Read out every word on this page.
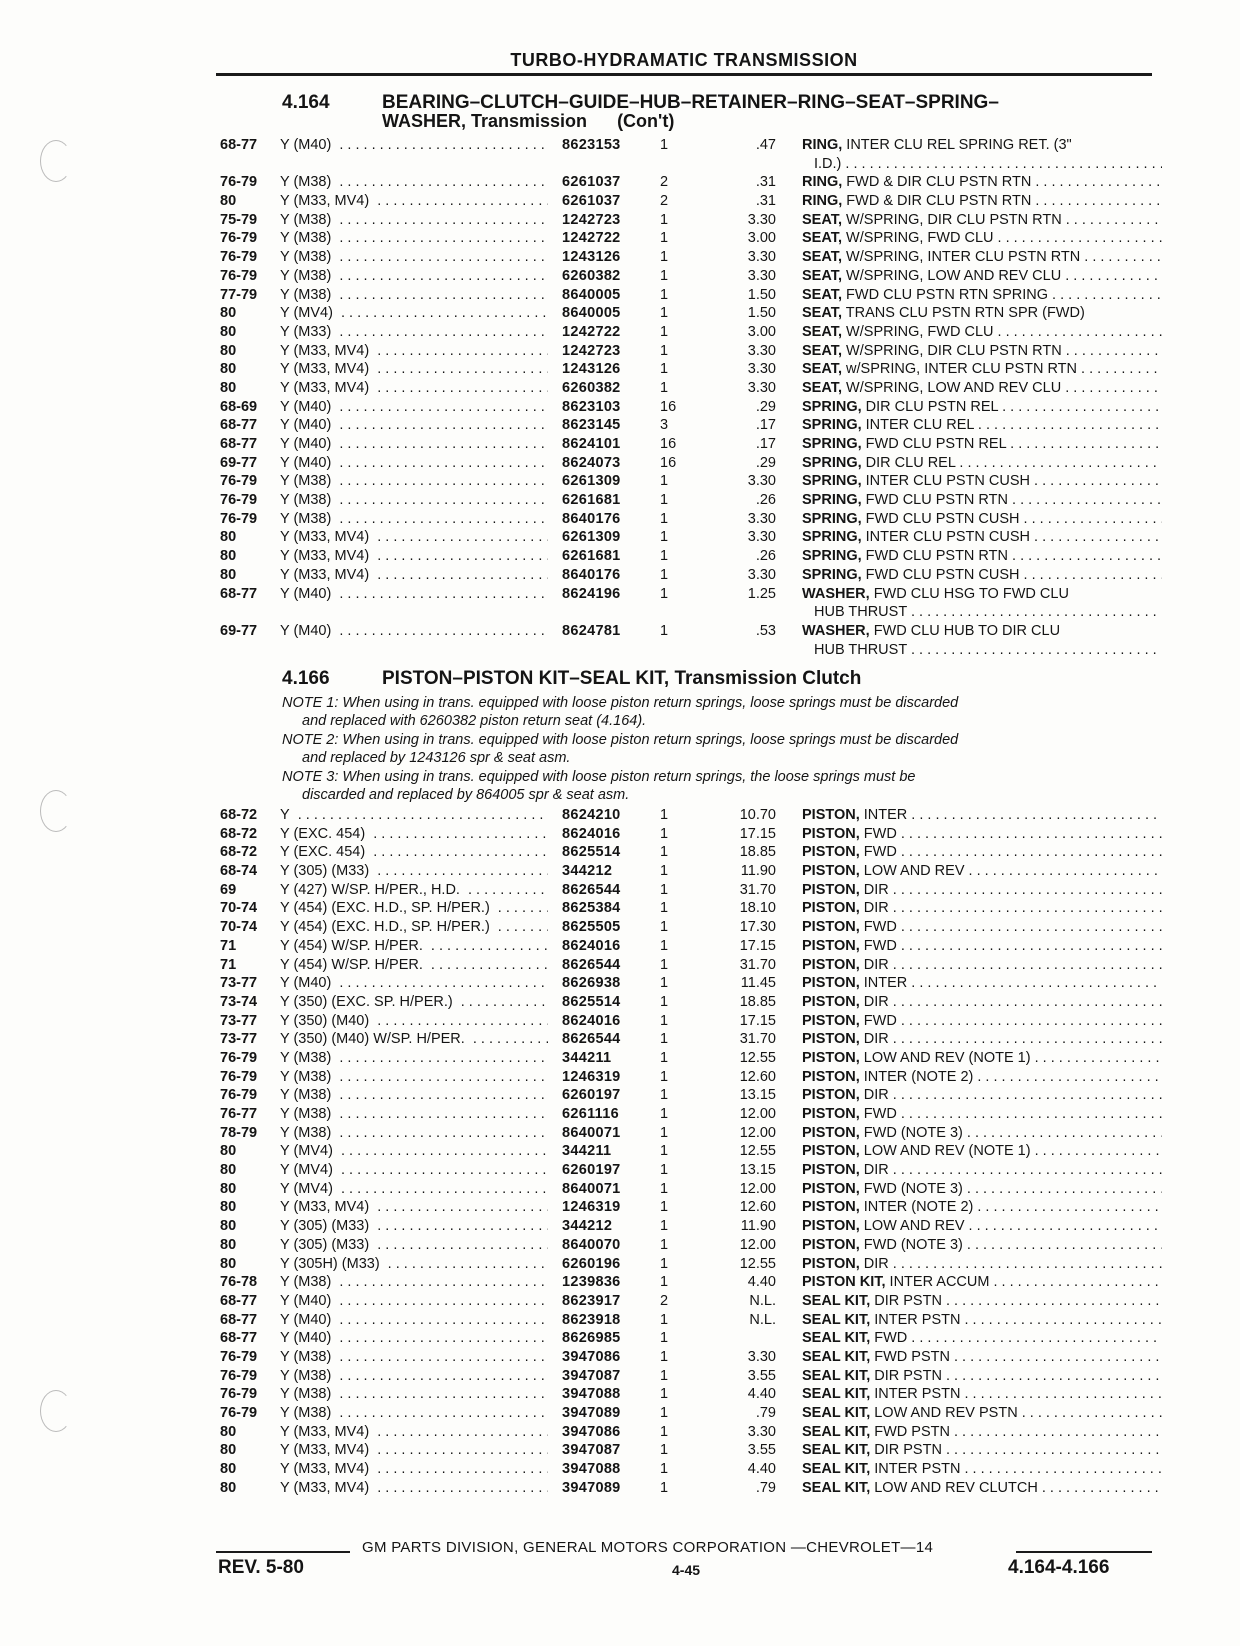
TURBO-HYDRAMATIC TRANSMISSION
4.164	BEARING–CLUTCH–GUIDE–HUB–RETAINER–RING–SEAT–SPRING–
WASHER, Transmission (Con't)
68-77 Y (M40) . . .	8623153	1	.47 RING, INTER CLU REL SPRING RET. (3"
I.D.) . . .
76-79 Y (M38) . . .	6261037	2	.31 RING, FWD & DIR CLU PSTN RTN . . .
80	Y (M33, MV4) . . .	6261037	2	.31 RING, FWD & DIR CLU PSTN RTN . . .
75-79 Y (M38) . . .	1242723	1	3.30 SEAT, W/SPRING, DIR CLU PSTN RTN . . .
76-79 Y (M38) . . .	1242722	1	3.00 SEAT, W/SPRING, FWD CLU . . .
76-79 Y (M38) . . .	1243126	1	3.30 SEAT, W/SPRING, INTER CLU PSTN RTN . . .
76-79 Y (M38) . . .	6260382	1	3.30 SEAT, W/SPRING, LOW AND REV CLU . . .
77-79 Y (M38) . . .	8640005	1	1.50 SEAT, FWD CLU PSTN RTN SPRING . . .
80	Y (MV4) . . .	8640005	1	1.50 SEAT, TRANS CLU PSTN RTN SPR (FWD)
80	Y (M33) . . .	1242722	1	3.00 SEAT, W/SPRING, FWD CLU . . .
80	Y (M33, MV4) . . .	1242723	1	3.30 SEAT, W/SPRING, DIR CLU PSTN RTN . . .
80	Y (M33, MV4) . . .	1243126	1	3.30 SEAT, w/SPRING, INTER CLU PSTN RTN . . .
80	Y (M33, MV4) . . .	6260382	1	3.30 SEAT, W/SPRING, LOW AND REV CLU . . .
68-69 Y (M40) . . .	8623103	16	.29 SPRING, DIR CLU PSTN REL . . .
68-77 Y (M40) . . .	8623145	3	.17 SPRING, INTER CLU REL . . .
68-77 Y (M40) . . .	8624101	16	.17 SPRING, FWD CLU PSTN REL . . .
69-77 Y (M40) . . .	8624073	16	.29 SPRING, DIR CLU REL . . .
76-79 Y (M38) . . .	6261309	1	3.30 SPRING, INTER CLU PSTN CUSH . . .
76-79 Y (M38) . . .	6261681	1	.26 SPRING, FWD CLU PSTN RTN . . .
76-79 Y (M38) . . .	8640176	1	3.30 SPRING, FWD CLU PSTN CUSH . . .
80	Y (M33, MV4) . . .	6261309	1	3.30 SPRING, INTER CLU PSTN CUSH . . .
80	Y (M33, MV4) . . .	6261681	1	.26 SPRING, FWD CLU PSTN RTN . . .
80	Y (M33, MV4) . . .	8640176	1	3.30 SPRING, FWD CLU PSTN CUSH . . .
68-77 Y (M40) . . .	8624196	1	1.25 WASHER, FWD CLU HSG TO FWD CLU
HUB THRUST . . .
69-77 Y (M40) . . .	8624781	1	.53 WASHER, FWD CLU HUB TO DIR CLU
HUB THRUST . . .
4.166	PISTON–PISTON KIT–SEAL KIT, Transmission Clutch
NOTE 1: When using in trans. equipped with loose piston return springs, loose springs must be discarded
and replaced with 6260382 piston return seat (4.164).
NOTE 2: When using in trans. equipped with loose piston return springs, loose springs must be discarded
and replaced by 1243126 spr & seat asm.
NOTE 3: When using in trans. equipped with loose piston return springs, the loose springs must be
discarded and replaced by 864005 spr & seat asm.
68-72 Y . . .	8624210	1	10.70 PISTON, INTER . . .
68-72 Y (EXC. 454) . . .	8624016	1	17.15 PISTON, FWD . . .
68-72 Y (EXC. 454) . . .	8625514	1	18.85 PISTON, FWD . . .
68-74 Y (305) (M33) . . .	344212	1	11.90 PISTON, LOW AND REV . . .
69	Y (427) W/SP. H/PER., H.D. . . .	8626544	1	31.70 PISTON, DIR . . .
70-74 Y (454) (EXC. H.D., SP. H/PER.) . . .	8625384	1	18.10 PISTON, DIR . . .
70-74 Y (454) (EXC. H.D., SP. H/PER.) . . .	8625505	1	17.30 PISTON, FWD . . .
71	Y (454) W/SP. H/PER. . . .	8624016	1	17.15 PISTON, FWD . . .
71	Y (454) W/SP. H/PER. . . .	8626544	1	31.70 PISTON, DIR . . .
73-77 Y (M40) . . .	8626938	1	11.45 PISTON, INTER . . .
73-74 Y (350) (EXC. SP. H/PER.) . . .	8625514	1	18.85 PISTON, DIR . . .
73-77 Y (350) (M40) . . .	8624016	1	17.15 PISTON, FWD . . .
73-77 Y (350) (M40) W/SP. H/PER. . . .	8626544	1	31.70 PISTON, DIR . . .
76-79 Y (M38) . . .	344211	1	12.55 PISTON, LOW AND REV (NOTE 1) . . .
76-79 Y (M38) . . .	1246319	1	12.60 PISTON, INTER (NOTE 2) . . .
76-79 Y (M38) . . .	6260197	1	13.15 PISTON, DIR . . .
76-77 Y (M38) . . .	6261116	1	12.00 PISTON, FWD . . .
78-79 Y (M38) . . .	8640071	1	12.00 PISTON, FWD (NOTE 3) . . .
80	Y (MV4) . . .	344211	1	12.55 PISTON, LOW AND REV (NOTE 1) . . .
80	Y (MV4) . . .	6260197	1	13.15 PISTON, DIR . . .
80	Y (MV4) . . .	8640071	1	12.00 PISTON, FWD (NOTE 3) . . .
80	Y (M33, MV4) . . .	1246319	1	12.60 PISTON, INTER (NOTE 2) . . .
80	Y (305) (M33) . . .	344212	1	11.90 PISTON, LOW AND REV . . .
80	Y (305) (M33) . . .	8640070	1	12.00 PISTON, FWD (NOTE 3) . . .
80	Y (305H) (M33) . . .	6260196	1	12.55 PISTON, DIR . . .
76-78 Y (M38) . . .	1239836	1	4.40 PISTON KIT, INTER ACCUM . . .
68-77 Y (M40) . . .	8623917	2	N.L. SEAL KIT, DIR PSTN . . .
68-77 Y (M40) . . .	8623918	1	N.L. SEAL KIT, INTER PSTN . . .
68-77 Y (M40) . . .	8626985	1	SEAL KIT, FWD . . .
76-79 Y (M38) . . .	3947086	1	3.30 SEAL KIT, FWD PSTN . . .
76-79 Y (M38) . . .	3947087	1	3.55 SEAL KIT, DIR PSTN . . .
76-79 Y (M38) . . .	3947088	1	4.40 SEAL KIT, INTER PSTN . . .
76-79 Y (M38) . . .	3947089	1	.79 SEAL KIT, LOW AND REV PSTN . . .
80	Y (M33, MV4) . . .	3947086	1	3.30 SEAL KIT, FWD PSTN . . .
80	Y (M33, MV4) . . .	3947087	1	3.55 SEAL KIT, DIR PSTN . . .
80	Y (M33, MV4) . . .	3947088	1	4.40 SEAL KIT, INTER PSTN . . .
80	Y (M33, MV4) . . .	3947089	1	.79 SEAL KIT, LOW AND REV CLUTCH . . .
GM PARTS DIVISION, GENERAL MOTORS CORPORATION —CHEVROLET—14
REV. 5-80	4-45	4.164-4.166
